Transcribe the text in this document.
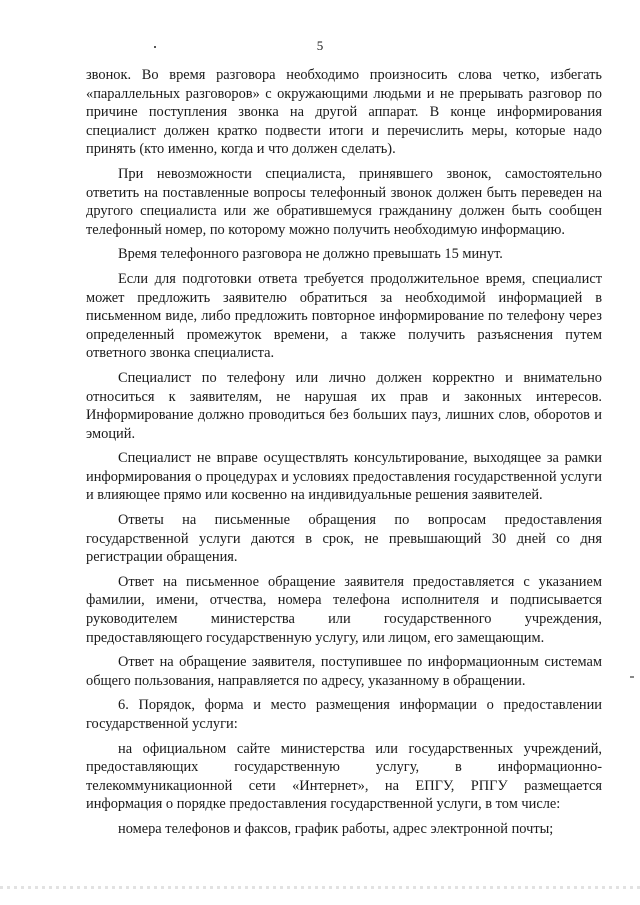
5

звонок. Во время разговора необходимо произносить слова четко, избегать «параллельных разговоров» с окружающими людьми и не прерывать разговор по причине поступления звонка на другой аппарат. В конце информирования специалист должен кратко подвести итоги и перечислить меры, которые надо принять (кто именно, когда и что должен сделать).

При невозможности специалиста, принявшего звонок, самостоятельно ответить на поставленные вопросы телефонный звонок должен быть переведен на другого специалиста или же обратившемуся гражданину должен быть сообщен телефонный номер, по которому можно получить необходимую информацию.

Время телефонного разговора не должно превышать 15 минут.

Если для подготовки ответа требуется продолжительное время, специалист может предложить заявителю обратиться за необходимой информацией в письменном виде, либо предложить повторное информирование по телефону через определенный промежуток времени, а также получить разъяснения путем ответного звонка специалиста.

Специалист по телефону или лично должен корректно и внимательно относиться к заявителям, не нарушая их прав и законных интересов. Информирование должно проводиться без больших пауз, лишних слов, оборотов и эмоций.

Специалист не вправе осуществлять консультирование, выходящее за рамки информирования о процедурах и условиях предоставления государственной услуги и влияющее прямо или косвенно на индивидуальные решения заявителей.

Ответы на письменные обращения по вопросам предоставления государственной услуги даются в срок, не превышающий 30 дней со дня регистрации обращения.

Ответ на письменное обращение заявителя предоставляется с указанием фамилии, имени, отчества, номера телефона исполнителя и подписывается руководителем министерства или государственного учреждения, предоставляющего государственную услугу, или лицом, его замещающим.

Ответ на обращение заявителя, поступившее по информационным системам общего пользования, направляется по адресу, указанному в обращении.

6. Порядок, форма и место размещения информации о предоставлении государственной услуги:

на официальном сайте министерства или государственных учреждений, предоставляющих государственную услугу, в информационно-телекоммуникационной сети «Интернет», на ЕПГУ, РПГУ размещается информация о порядке предоставления государственной услуги, в том числе:

номера телефонов и факсов, график работы, адрес электронной почты;
